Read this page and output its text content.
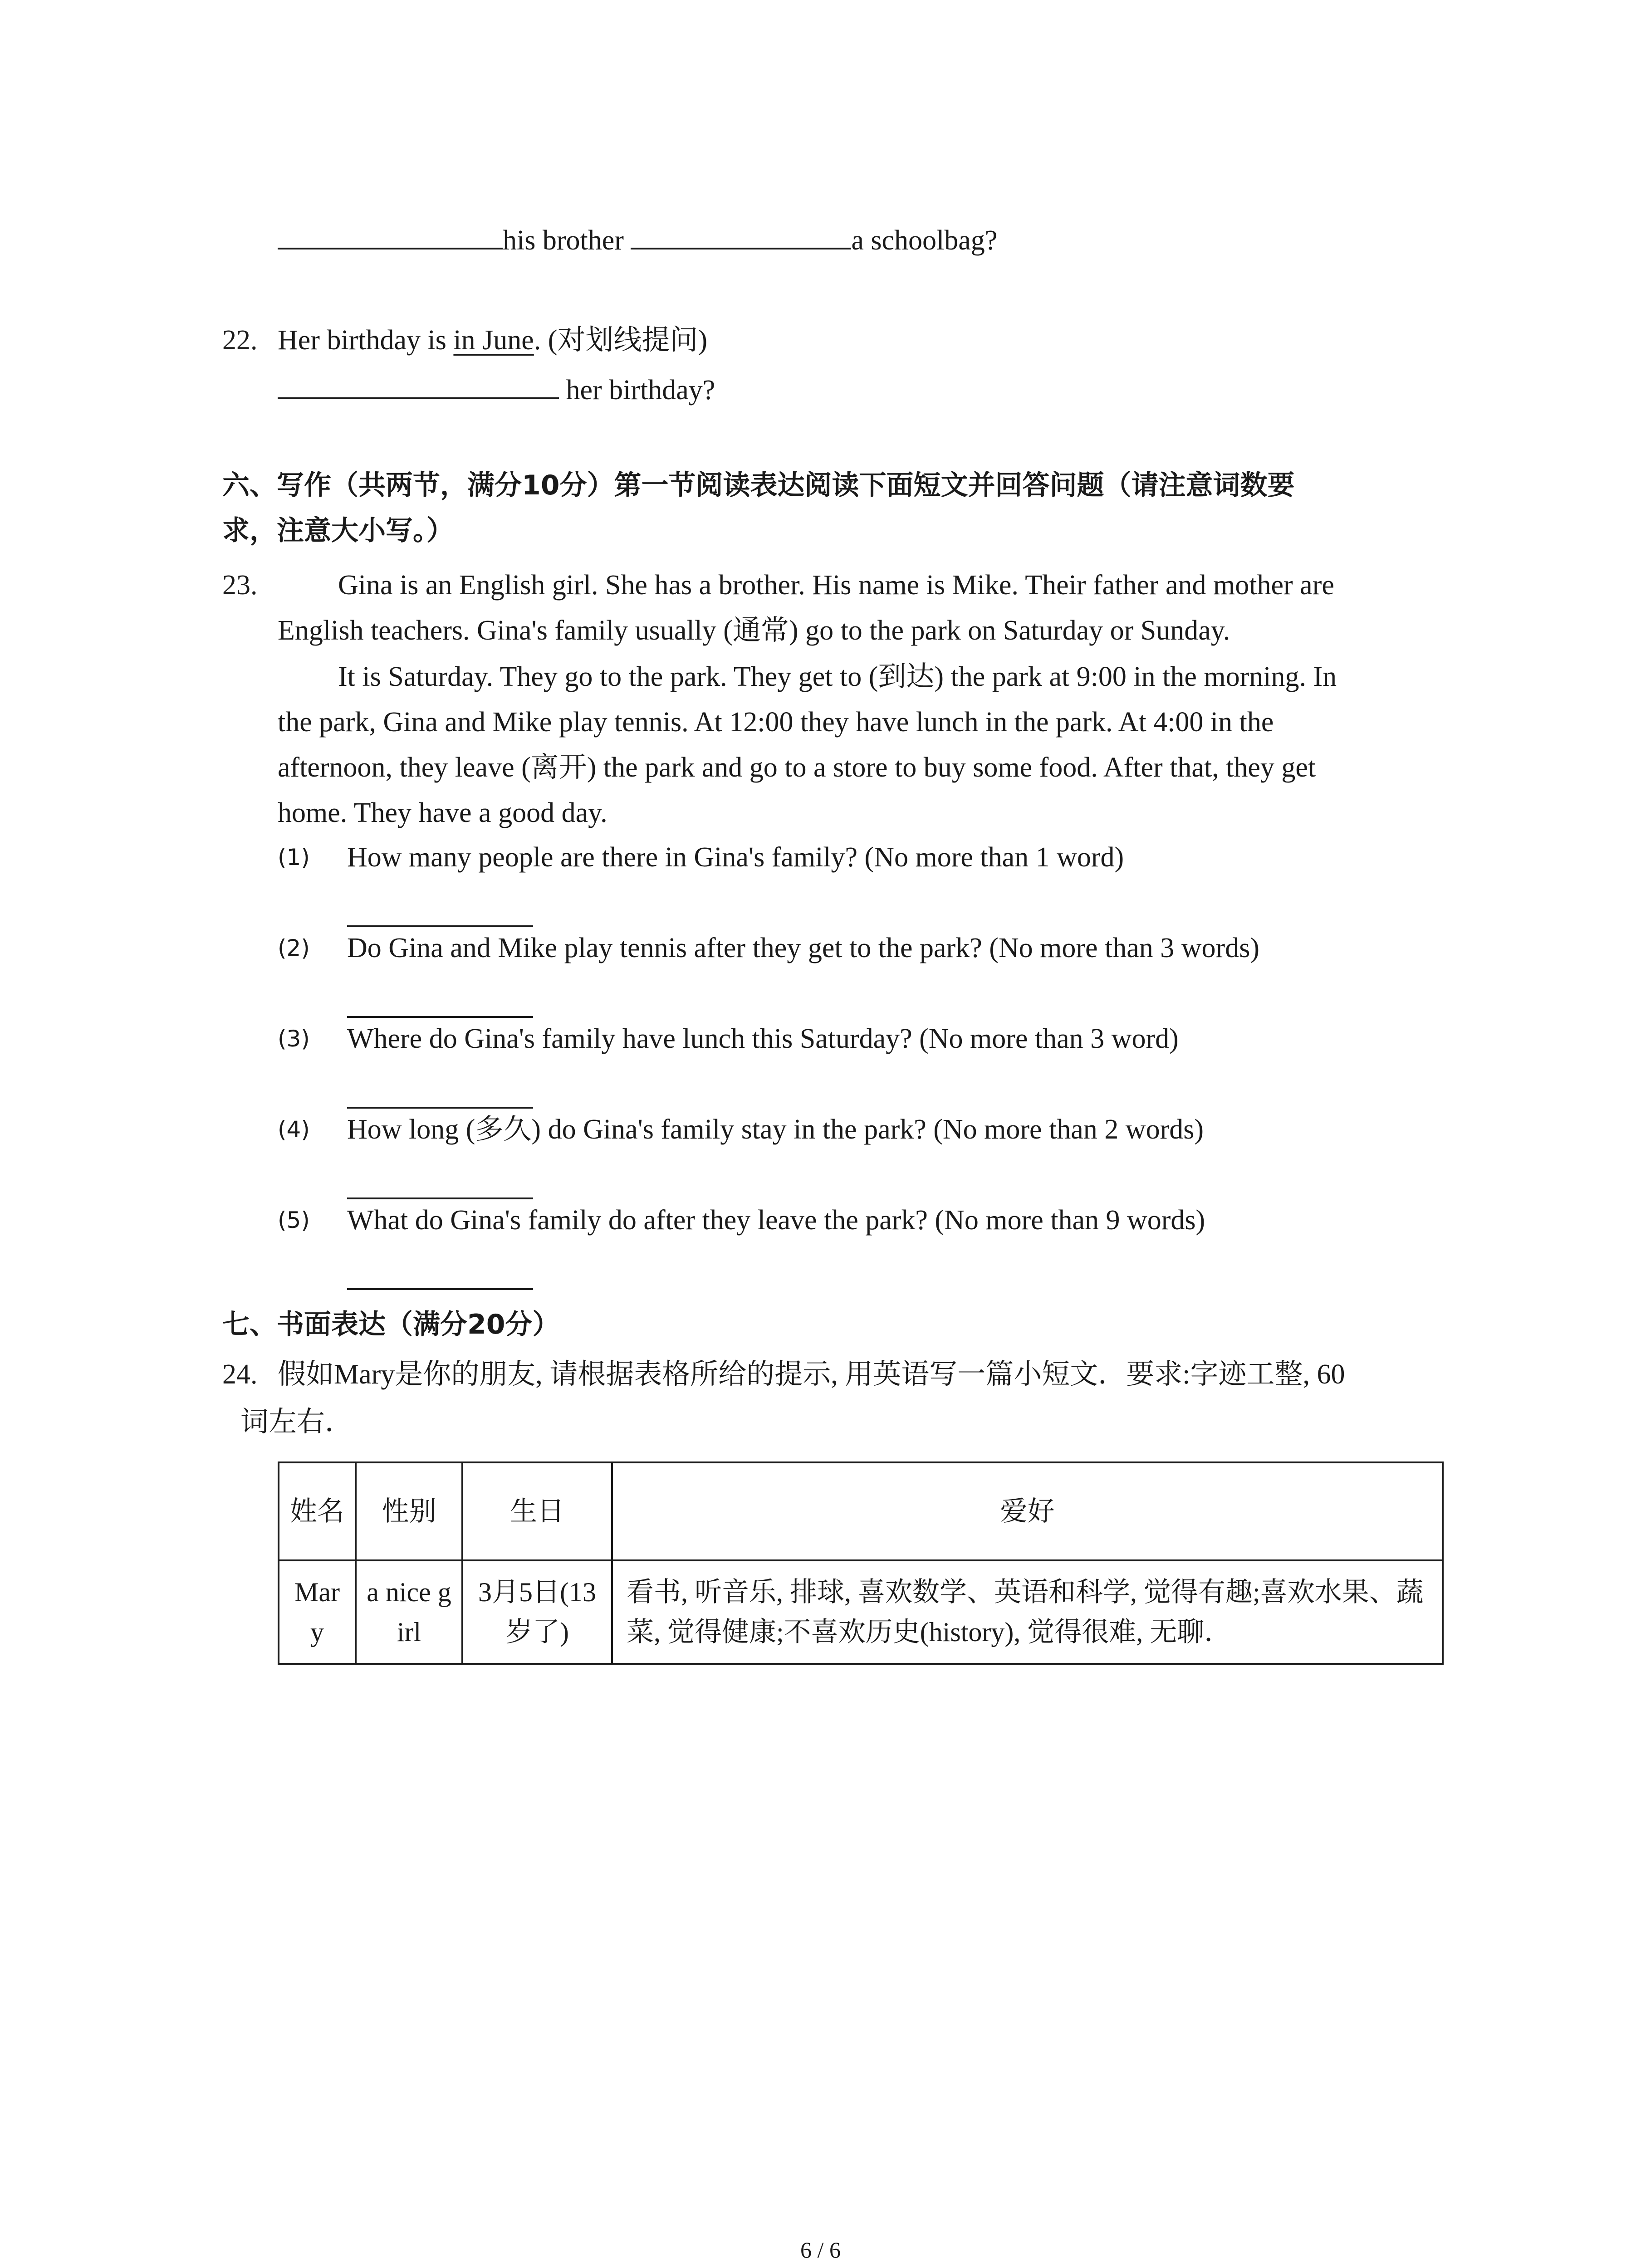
his brother	a schoolbag?
22. Her birthday is in June. (对划线提问)
her birthday?
六、写作（共两节，满分10分）第一节阅读表达阅读下面短文并回答问题（请注意词数要
求，注意大小写。）
23.	Gina is an English girl. She has a brother. His name is Mike. Their father and mother are
English teachers. Gina's family usually (通常) go to the park on Saturday or Sunday.
It is Saturday. They go to the park. They get to (到达) the park at 9:00 in the morning. In
the park, Gina and Mike play tennis. At 12:00 they have lunch in the park. At 4:00 in the
afternoon, they leave (离开) the park and go to a store to buy some food. After that, they get
home. They have a good day.
(1) How many people are there in Gina's family? (No more than 1 word)
(2) Do Gina and Mike play tennis after they get to the park? (No more than 3 words)
(3) Where do Gina's family have lunch this Saturday? (No more than 3 word)
(4) How long (多久) do Gina's family stay in the park? (No more than 2 words)
(5) What do Gina's family do after they leave the park? (No more than 9 words)
七、书面表达（满分20分）
24. 假如Mary是你的朋友, 请根据表格所给的提示, 用英语写一篇小短文．要求:字迹工整, 60
词左右．
姓名	性别	生日	爱好
Mary	a nice girl	3月5日(13岁了)	看书, 听音乐, 排球, 喜欢数学、英语和科学, 觉得有趣;喜欢水果、蔬菜, 觉得健康;不喜欢历史(history), 觉得很难, 无聊．
6 / 6
